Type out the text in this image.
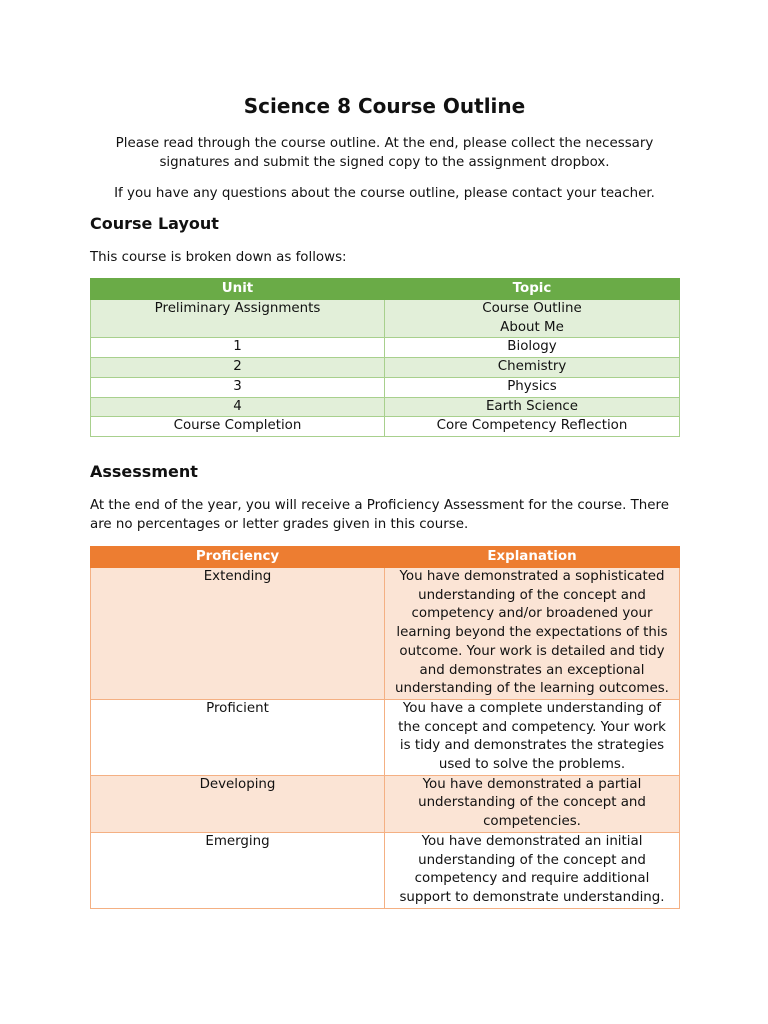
Science 8 Course Outline

Please read through the course outline. At the end, please collect the necessary signatures and submit the signed copy to the assignment dropbox.

If you have any questions about the course outline, please contact your teacher.

Course Layout

This course is broken down as follows:

Unit	Topic
Preliminary Assignments	Course Outline
About Me

1	Biology
2	Chemistry
3	Physics
4	Earth Science
Course Completion	Core Competency Reflection
Assessment

At the end of the year, you will receive a Proficiency Assessment for the course. There are no percentages or letter grades given in this course.

Proficiency	Explanation
Extending	You have demonstrated a sophisticated understanding of the concept and competency and/or broadened your learning beyond the expectations of this outcome. Your work is detailed and tidy and demonstrates an exceptional understanding of the learning outcomes.
Proficient	You have a complete understanding of the concept and competency. Your work is tidy and demonstrates the strategies used to solve the problems.
Developing	You have demonstrated a partial understanding of the concept and competencies.
Emerging	You have demonstrated an initial understanding of the concept and competency and require additional support to demonstrate understanding.
